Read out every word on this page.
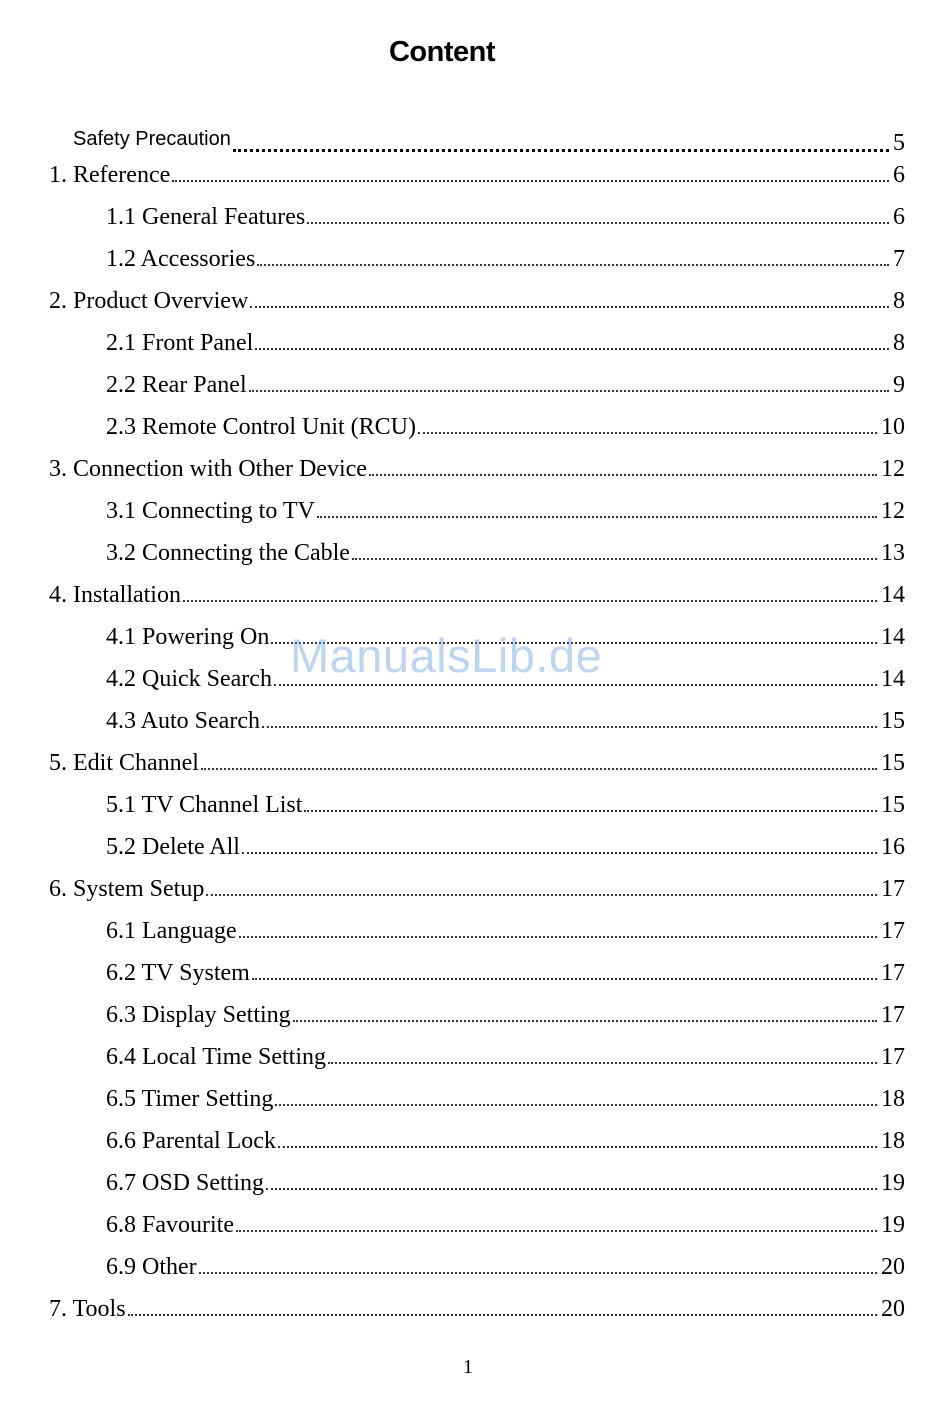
Content
Safety Precaution	5
1. Reference	6
1.1 General Features	6
1.2 Accessories	7
2. Product Overview	8
2.1 Front Panel	8
2.2 Rear Panel	9
2.3 Remote Control Unit (RCU)	10
3. Connection with Other Device	12
3.1 Connecting to TV	12
3.2 Connecting the Cable	13
4. Installation	14
4.1 Powering On	14
4.2 Quick Search	14
4.3 Auto Search	15
5. Edit Channel	15
5.1 TV Channel List	15
5.2 Delete All	16
6. System Setup	17
6.1 Language	17
6.2 TV System	17
6.3 Display Setting	17
6.4 Local Time Setting	17
6.5 Timer Setting	18
6.6 Parental Lock	18
6.7 OSD Setting	19
6.8 Favourite	19
6.9 Other	20
7. Tools	20
ManualsLib.de
1
